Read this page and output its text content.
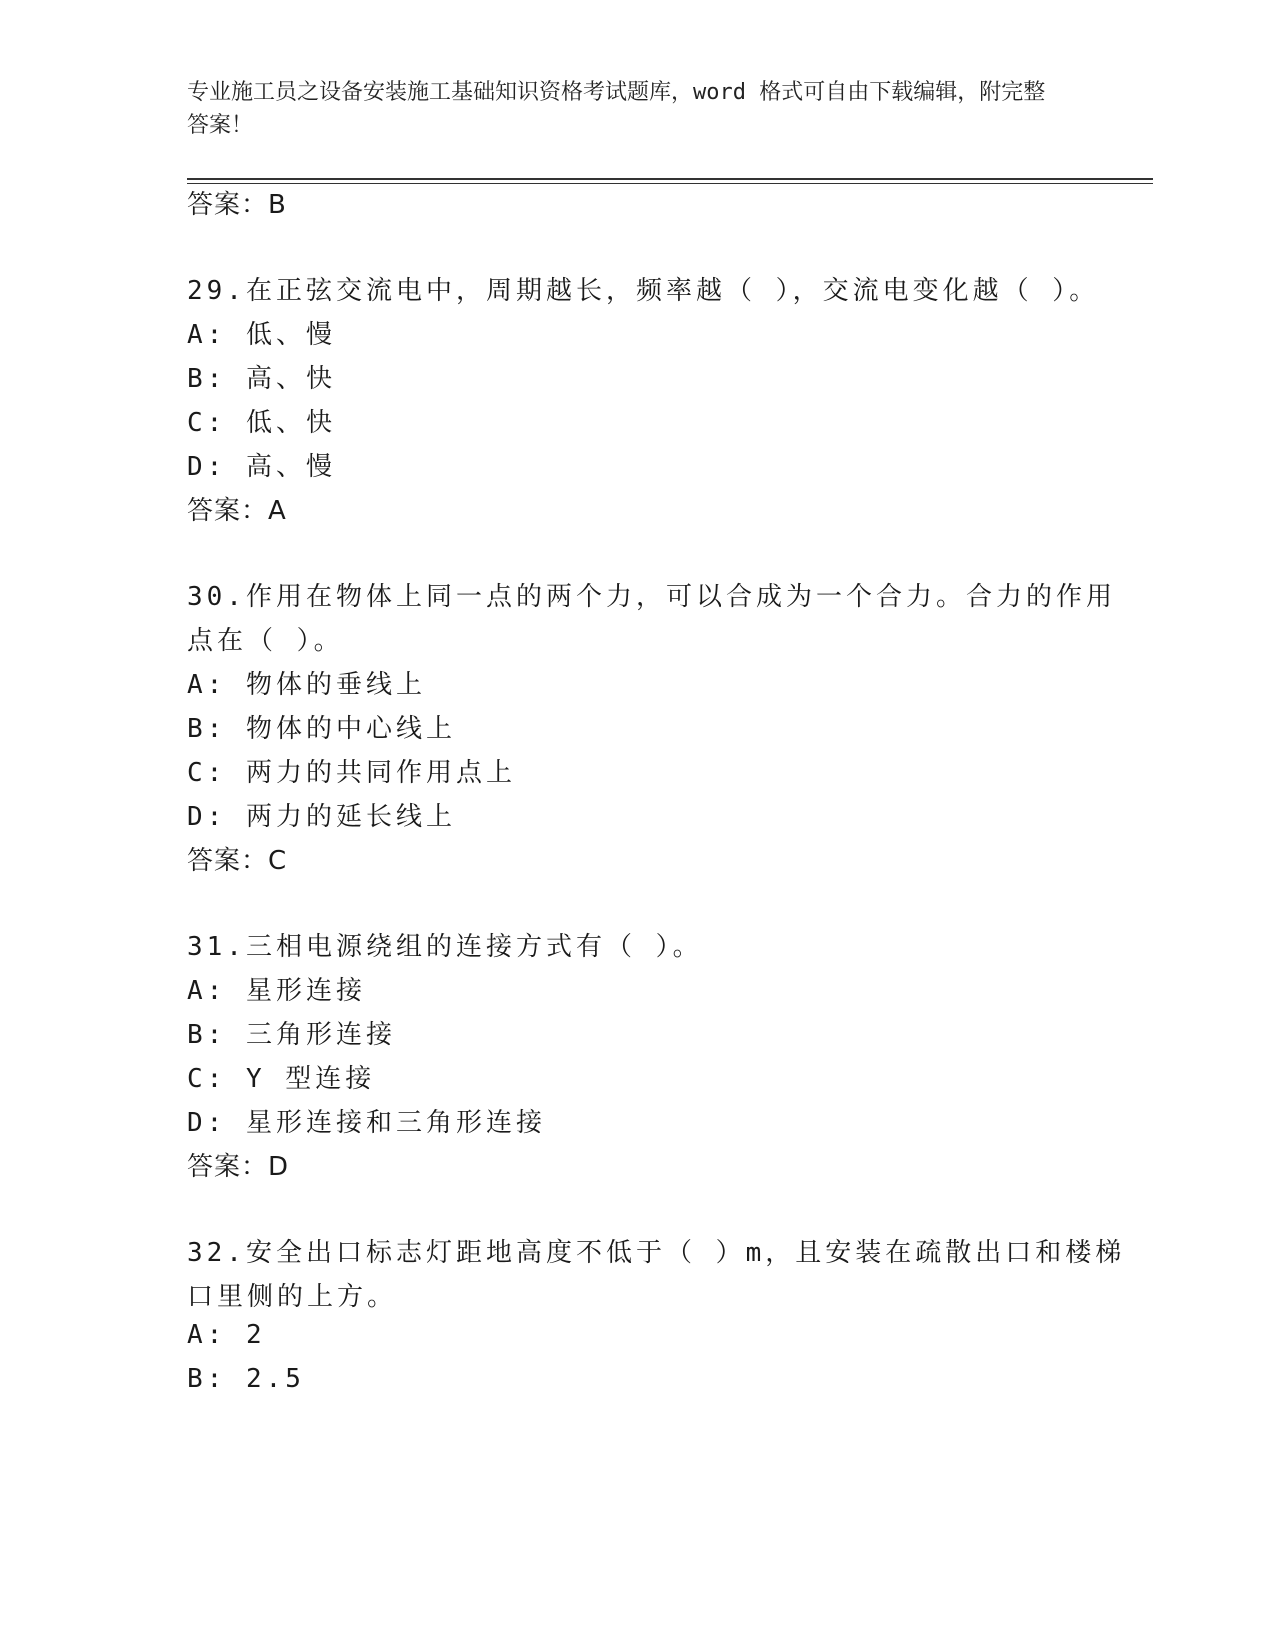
专业施工员之设备安装施工基础知识资格考试题库，word 格式可自由下载编辑，附完整答案！
答案：B
29.在正弦交流电中，周期越长，频率越（ ），交流电变化越（ ）。
A: 低、慢
B: 高、快
C: 低、快
D: 高、慢
答案：A
30.作用在物体上同一点的两个力，可以合成为一个合力。合力的作用
点在（ ）。
A: 物体的垂线上
B: 物体的中心线上
C: 两力的共同作用点上
D: 两力的延长线上
答案：C
31.三相电源绕组的连接方式有（ ）。
A: 星形连接
B: 三角形连接
C: Y 型连接
D: 星形连接和三角形连接
答案：D
32.安全出口标志灯距地高度不低于（ ）m，且安装在疏散出口和楼梯
口里侧的上方。
A: 2
B: 2.5
